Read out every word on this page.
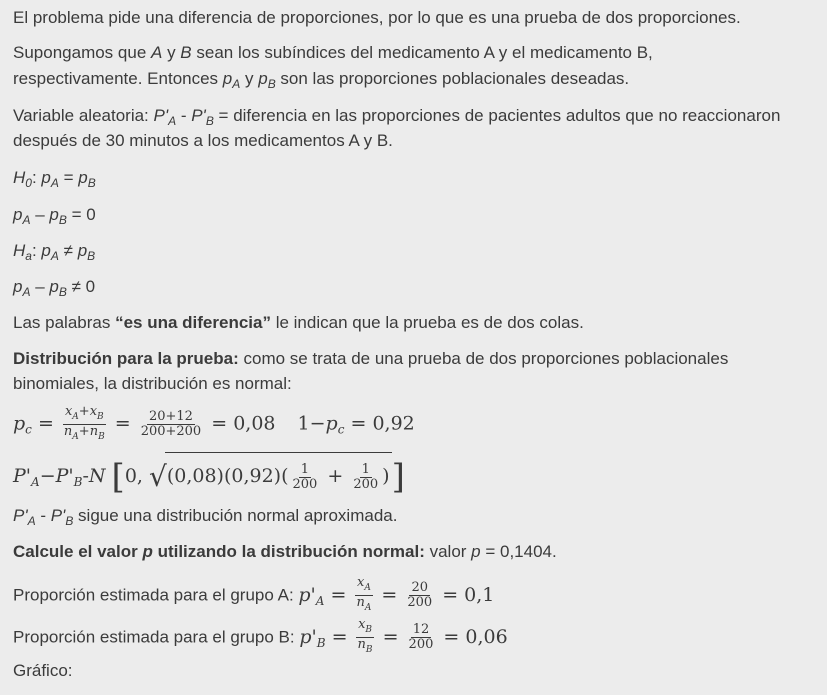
El problema pide una diferencia de proporciones, por lo que es una prueba de dos proporciones.
Supongamos que A y B sean los subíndices del medicamento A y el medicamento B,
respectivamente. Entonces $p_A$ y $p_B$ son las proporciones poblacionales deseadas.
Variable aleatoria: $P'_A - P'_B$ = diferencia en las proporciones de pacientes adultos que no reaccionaron
después de 30 minutos a los medicamentos A y B.
$H_0$: $p_A = p_B$
$p_A - p_B = 0$
$H_a$: $p_A \ne p_B$
$p_A - p_B \ne 0$
Las palabras “es una diferencia” le indican que la prueba es de dos colas.
Distribución para la prueba: como se trata de una prueba de dos proporciones poblacionales
binomiales, la distribución es normal:
$p_c = \frac{x_A+x_B}{n_A+n_B} = \frac{20+12}{200+200} = 0,08$ $1-p_c = 0,92$
$P'_A-P'_B-N$ [0, $√(0,08)(0,92)( \frac{1}{200} + \frac{1}{200}$ )]
$P'_A - P'_B$ sigue una distribución normal aproximada.
Calcule el valor p utilizando la distribución normal: valor p = 0,1404.
Proporción estimada para el grupo A: $p'_A = \frac{x_A}{n_A} = \frac{20}{200} = 0,1$
Proporción estimada para el grupo B: $p'_B = \frac{x_B}{n_B} = \frac{12}{200} = 0,06$
Gráfico:
